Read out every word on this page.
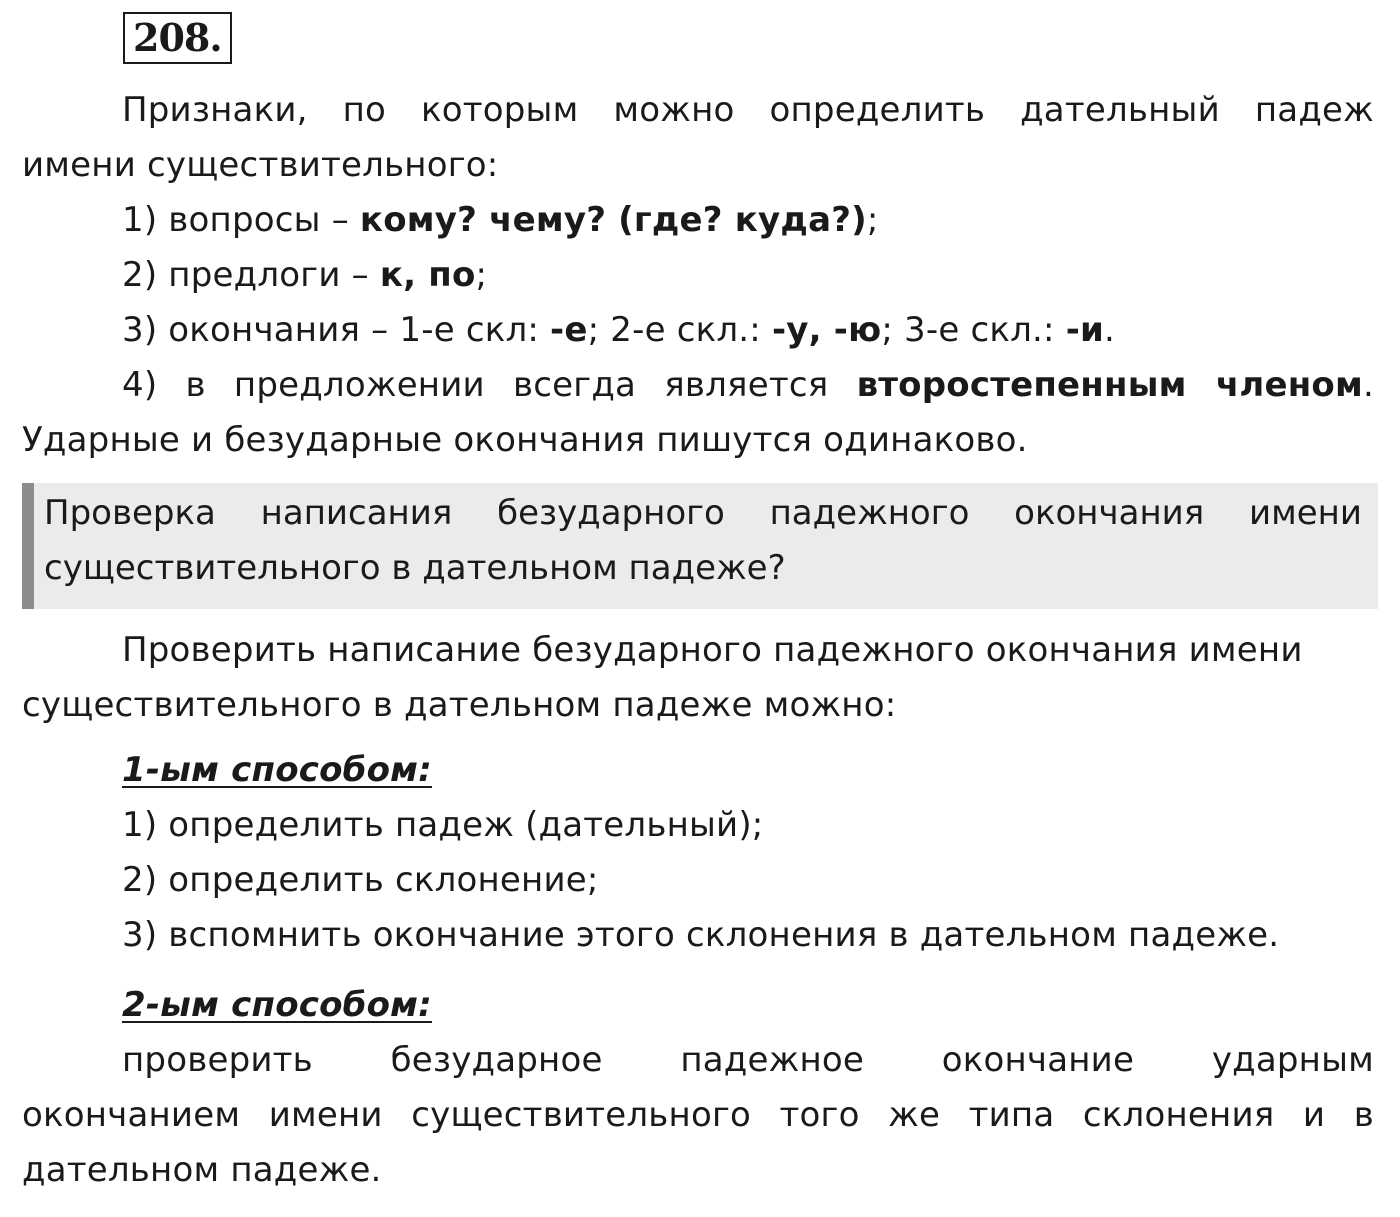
208.
Признаки, по которым можно определить дательный падеж
имени существительного:
1) вопросы – кому? чему? (где? куда?);
2) предлоги – к, по;
3) окончания – 1-е скл: -е; 2-е скл.: -у, -ю; 3-е скл.: -и.
4) в предложении всегда является второстепенным членом.
Ударные и безударные окончания пишутся одинаково.
Проверка написания безударного падежного окончания имени
существительного в дательном падеже?
Проверить написание безударного падежного окончания имени
существительного в дательном падеже можно:
1-ым способом:
1) определить падеж (дательный);
2) определить склонение;
3) вспомнить окончание этого склонения в дательном падеже.
2-ым способом:
проверить безударное падежное окончание ударным
окончанием имени существительного того же типа склонения и в
дательном падеже.
